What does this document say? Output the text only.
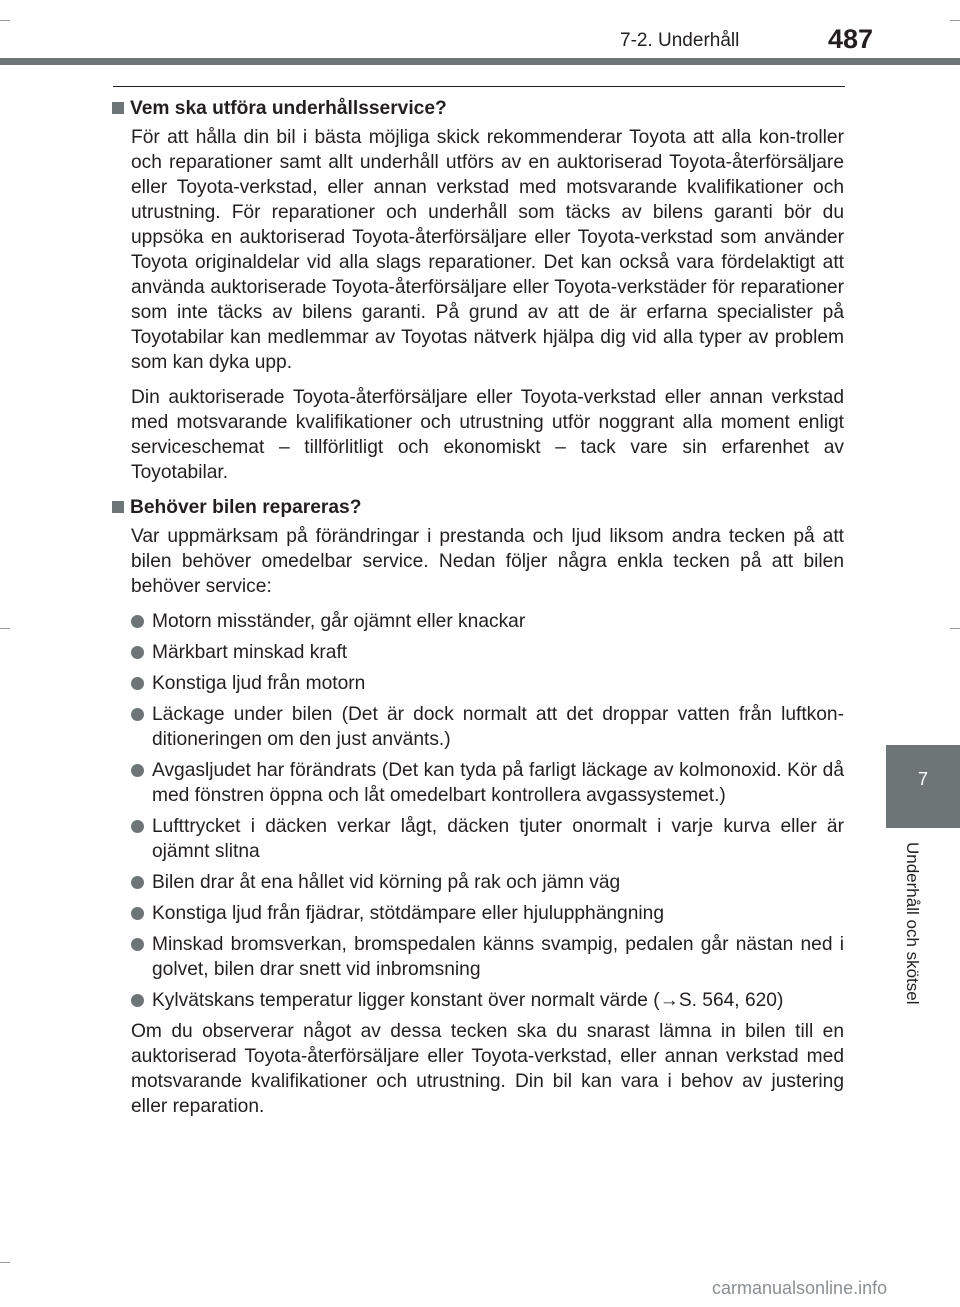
7-2. Underhåll	487
7
Underhåll och skötsel
Vem ska utföra underhållsservice?

För att hålla din bil i bästa möjliga skick rekommenderar Toyota att alla kon-troller och reparationer samt allt underhåll utförs av en auktoriserad Toyota-återförsäljare eller Toyota-verkstad, eller annan verkstad med motsvarande kvalifikationer och utrustning. För reparationer och underhåll som täcks av bilens garanti bör du uppsöka en auktoriserad Toyota-återförsäljare eller Toyota-verkstad som använder Toyota originaldelar vid alla slags reparationer. Det kan också vara fördelaktigt att använda auktoriserade Toyota-återförsäljare eller Toyota-verkstäder för reparationer som inte täcks av bilens garanti. På grund av att de är erfarna specialister på Toyotabilar kan medlemmar av Toyotas nätverk hjälpa dig vid alla typer av problem som kan dyka upp.

Din auktoriserade Toyota-återförsäljare eller Toyota-verkstad eller annan verkstad med motsvarande kvalifikationer och utrustning utför noggrant alla moment enligt serviceschemat – tillförlitligt och ekonomiskt – tack vare sin erfarenhet av Toyotabilar.

Behöver bilen repareras?

Var uppmärksam på förändringar i prestanda och ljud liksom andra tecken på att bilen behöver omedelbar service. Nedan följer några enkla tecken på att bilen behöver service:

Motorn misständer, går ojämnt eller knackar
Märkbart minskad kraft
Konstiga ljud från motorn
Läckage under bilen (Det är dock normalt att det droppar vatten från luftkon-ditioneringen om den just använts.)
Avgasljudet har förändrats (Det kan tyda på farligt läckage av kolmonoxid. Kör då med fönstren öppna och låt omedelbart kontrollera avgassystemet.)
Lufttrycket i däcken verkar lågt, däcken tjuter onormalt i varje kurva eller är ojämnt slitna
Bilen drar åt ena hållet vid körning på rak och jämn väg
Konstiga ljud från fjädrar, stötdämpare eller hjulupphängning
Minskad bromsverkan, bromspedalen känns svampig, pedalen går nästan ned i golvet, bilen drar snett vid inbromsning
Kylvätskans temperatur ligger konstant över normalt värde (→S. 564, 620)

Om du observerar något av dessa tecken ska du snarast lämna in bilen till en auktoriserad Toyota-återförsäljare eller Toyota-verkstad, eller annan verkstad med motsvarande kvalifikationer och utrustning. Din bil kan vara i behov av justering eller reparation.

carmanualsonline.info
